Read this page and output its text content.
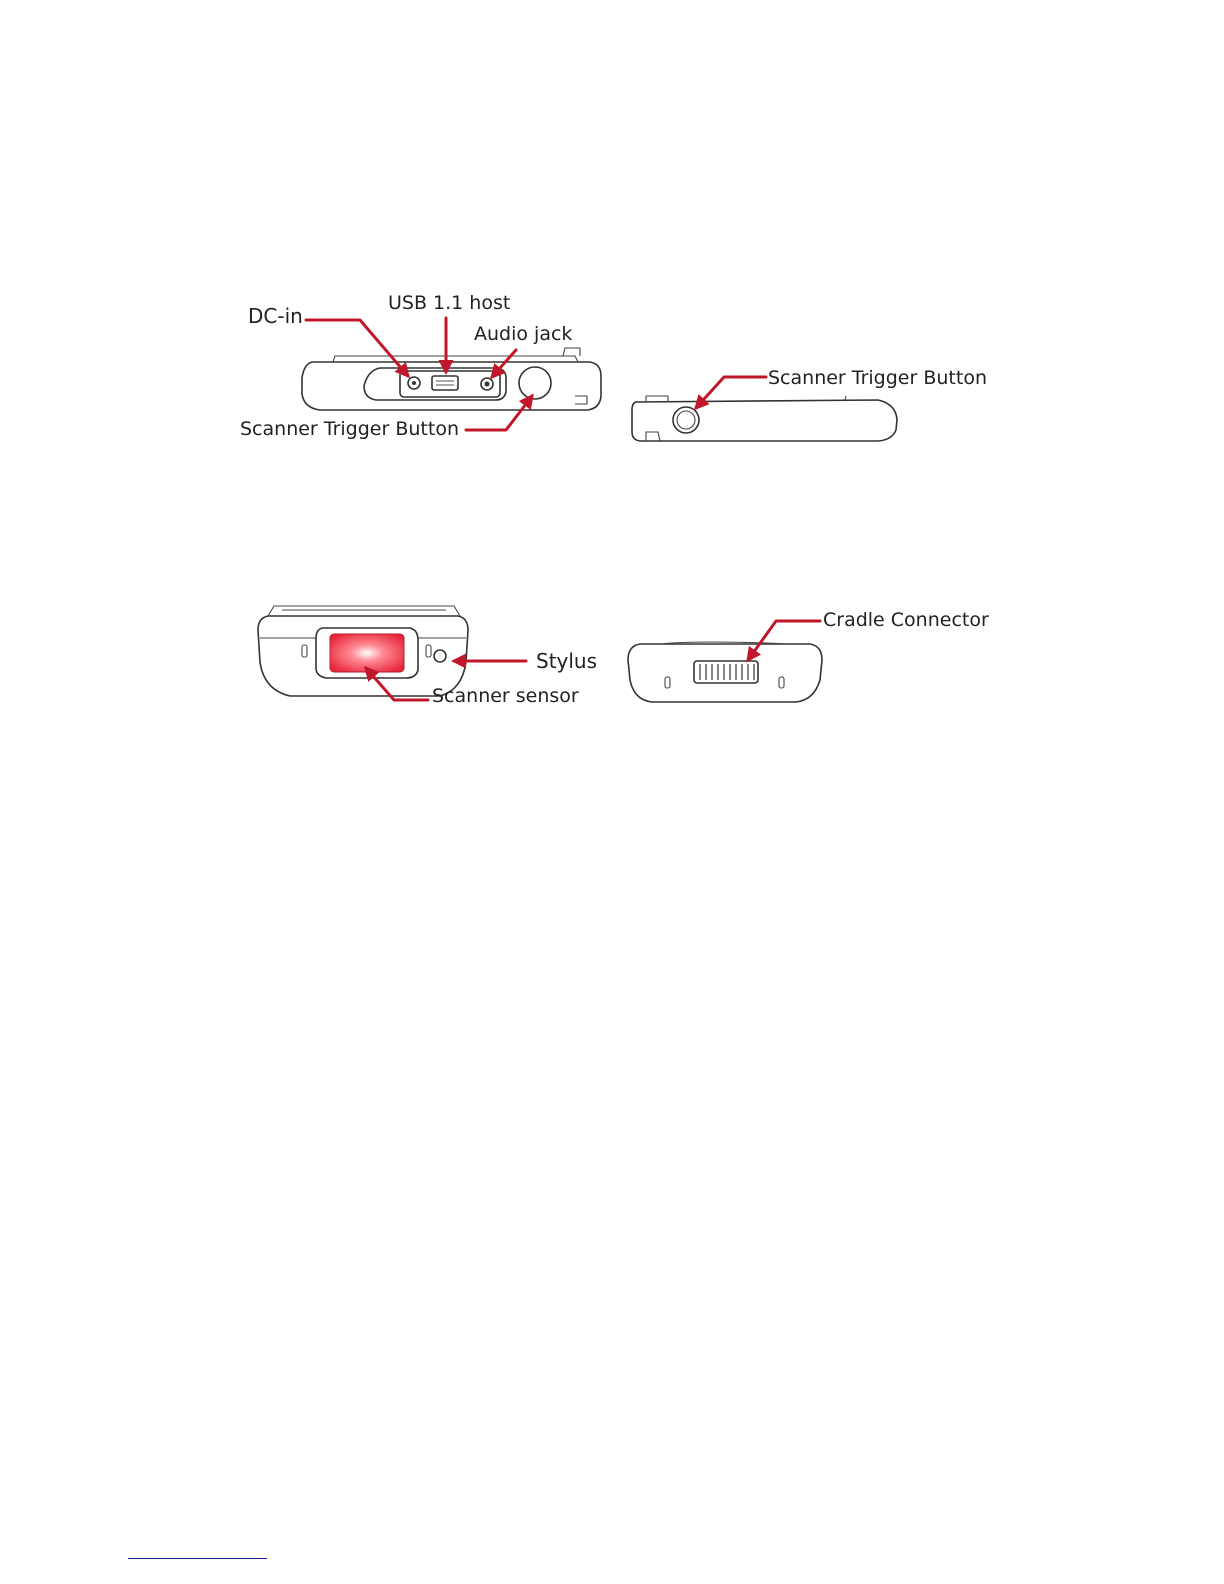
DC-in
USB 1.1 host
Audio jack
Scanner Trigger Button
Scanner Trigger Button
Stylus
Scanner sensor
Cradle Connector
